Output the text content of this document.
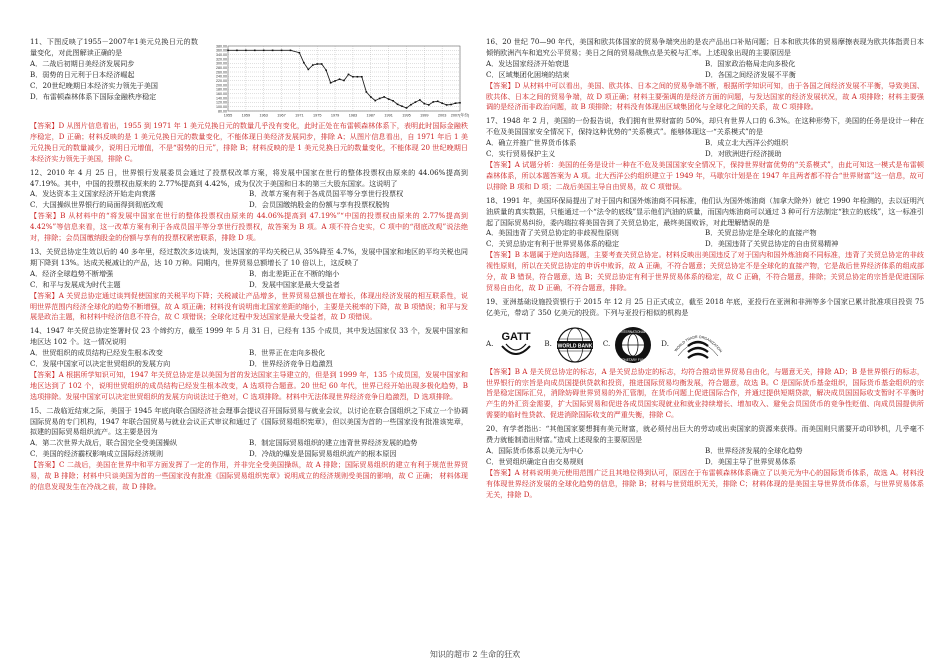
11、下图反映了1955－2007年1美元兑换日元的数量变化，对此图解读正确的是

A．二战后初期日美经济发展同步

B．弱势的日元利于日本经济崛起

C．20世纪晚期日本经济实力领先于美国

D．布雷顿森林体系下国际金融秩序稳定

380.00
360.00
340.00
320.00
300.00
280.00
260.00
240.00
220.00
200.00
180.00
160.00
140.00
120.00
100.00
80.00
1955 1959 1963 1967 1971 1975 1979 1983 1987 1991 1995 1999 2003 2007(年份)

【答案】D 从图片信息看出，1955 到 1971 年 1 美元兑换日元的数量几乎没有变化，此时正处在布雷顿森林体系下，表明此时国际金融秩序稳定，D 正确；材料反映的是 1 美元兑换日元的数量变化，不能体现日美经济发展同步，排除 A；从图片信息看出，自 1971 年后 1 美元兑换日元的数量减少，说明日元增值，不是“弱势的日元”，排除 B；材料反映的是 1 美元兑换日元的数量变化，不能体现 20 世纪晚期日本经济实力领先于美国，排除 C。

12、2010 年 4 月 25 日，世界银行发展委员会通过了投票权改革方案，将发展中国家在世行的整体投票权由原来的 44.06%提高到 47.19%。其中，中国的投票权由原来的 2.77%提高到 4.42%，成为仅次于美国和日本的第三大股东国家。这说明了

A．发达资本主义国家经济开始走向衰落	B．改革方案有利于各成员国平等分享世行投票权

C．大国操纵世界银行的局面得到彻底改观	D．会员国缴纳股金的份额与享有投票权脱钩

【答案】B 从材料中的“将发展中国家在世行的整体投票权由原来的 44.06%提高到 47.19%”“中国的投票权由原来的 2.77%提高到 4.42%”等信息来看，这一改革方案有利于各成员国平等分享世行投票权，故答案为 B 项。A 项不符合史实，C 项中的“彻底改观”说法绝对，排除；会员国缴纳股金的份额与享有的投票权紧密联系，排除 D 项。

13、关贸总协定生效以后的 40 多年里，经过数次多边谈判，发达国家的平均关税已从 35%降至 4.7%，发展中国家和地区的平均关税也同期下降到 13%。达成关税减让的产品，达 10 万种。同期内，世界贸易总额增长了 10 倍以上，这反映了

A．经济全球趋势不断增强	B．南北差距正在不断的缩小

C．和平与发展成为时代主题	D．发展中国家是最大受益者

【答案】A 关贸总协定通过谈判促使国家的关税平均下降；关税减让产品增多，世界贸易总额也在增长，体现出经济发展的相互联系性，说明世界范围内经济全球化的趋势不断增强，故 A 项正确；材料没有说明南北国家差距的缩小，主要是关税率的下降，故 B 项错误；和平与发展是政治主题，和材料中经济信息不符合，故 C 项错误；全球化过程中发达国家是最大受益者，故 D 项错误。

14、1947 年关贸总协定签署时仅 23 个缔约方，截至 1999 年 5 月 31 日，已经有 135 个成员，其中发达国家仅 33 个，发展中国家和地区达 102 个。这一情况说明

A．世贸组织的成员结构已经发生根本改变	B．世界正在走向多极化

C．发展中国家可以决定世贸组织的发展方向	D．世界经济竞争日趋激烈

【答案】A 根据所学知识可知，1947 年关贸总协定是以美国为首的发达国家主导建立的，但是到 1999 年，135 个成员国，发展中国家和地区达到了 102 个，说明世贸组织的成员结构已经发生根本改变，A 选项符合题意。20 世纪 60 年代，世界已经开始出现多极化趋势，B 选项排除。发展中国家可以决定世贸组织的发展方向说法过于绝对，C 选项排除。材料中无法体现世界经济竞争日趋激烈，D 选项排除。

15、二战临近结束之际，美国于 1945 年底向联合国经济社会理事会提议召开国际贸易与就业会议，以讨论在联合国组织之下成立一个协调国际贸易的专门机构，1947 年联合国贸易与就业会议正式审议和通过了《国际贸易组织宪章》，但以美国为首的一些国家没有批准该宪章，拟建的国际贸易组织流产。这主要是因为

A．第二次世界大战后，联合国完全受美国操纵	B．制定国际贸易组织的建立违背世界经济发展的趋势

C．美国的经济霸权影响成立国际经济规则	D．冷战的爆发是国际贸易组织流产的根本原因

【答案】C 二战后，美国在世界中和平方面发挥了一定的作用，并非完全受美国操纵，故 A 排除；国际贸易组织的建立有利于规范世界贸易，故 B 排除；材料中只谈美国为首的一些国家没有批准《国际贸易组织宪章》说明成立的经济规则受美国的影响，故 C 正确； 材料体现的信息发现发生在冷战之前，故 D 排除。

16、20 世纪 70—90 年代，美国和欧共体国家的贸易争端突出的是农产品出口补贴问题；日本和欧共体的贸易摩擦表现为欧共体指责日本倾销欧洲汽车和追究公平贸易；美日之间的贸易战焦点是关税与汇率。上述现象出现的主要原因是

A．发达国家经济开始衰退	B．国家政治格局走向多极化

C．区域集团化困境的结束	D．各国之间经济发展不平衡

【答案】D 从材料中可以看出，美国、欧共体、日本之间的贸易争端不断，根据所学知识可知，由于各国之间经济发展不平衡，导致美国、欧共体、日本之间的贸易争端，故 D 项正确；材料主要强调的是经济方面的问题，与发达国家的经济发展状况，故 A 项排除；材料主要强调的是经济而非政治问题，故 B 项排除；材料没有体现出区域集团化与全球化之间的关系，故 C 项排除。

17、1948 年 2 月，美国的一份报告说，我们拥有世界财富的 50%，却只有世界人口的 6.3%。在这种形势下，美国的任务是设计一种在不危及美国国家安全情况下，保持这种优势的“关系模式”。能够体现这一“关系模式”的是

A．确立并推广世界货币体系	B．成立北大西洋公约组织

C．实行贸易保护主义	D．对欧洲进行经济援助

【答案】A 试题分析：美国的任务是设计一种在不危及美国国家安全情况下，保持世界财富优势的“关系模式”，由此可知这一模式是布雷顿森林体系，所以本题答案为 A 项。北大西洋公约组织建立于 1949 年，马歇尔计划是在 1947 年且两者都不符合“世界财富”这一信息，故可以排除 B 项和 D 项；二战后美国主导自由贸易，故 C 项错误。

18、1991 年，美国环保局提出了对于国内和国外炼油商不同标准，他们认为国外炼油商（加拿大除外）就它 1990 年检测的，去以证明汽油质量的真实数据，只能通过一个“法令的底线”显示他们汽油的质量，而国内炼油商可以通过 3 种可行方法制定“独立的底线”，这一标准引起了国际贸易纠纷，委内瑞拉将美国告到了关贸总协定，最终美国败诉，对此理解错误的是

A．美国违背了关贸总协定的非歧视性原则	B．关贸总协定是全球化的直接产物

C．关贸总协定有利于世界贸易体系的稳定	D．美国违背了关贸总协定的自由贸易精神

【答案】B 本题属于逆向选择题，主要考查关贸总协定。材料反映出美国违反了对于国内和国外炼油商不同标准，违背了关贸总协定的非歧视性原则，所以在关贸总协定的申诉中败诉，故 A 正确，不符合题意；关贸总协定不是全球化的直接产物，它是战后世界经济体系的组成部分，故 B 错误，符合题意，选 B；关贸总协定有利于世界贸易体系的稳定，故 C 正确，不符合题意，排除；关贸总协定的宗旨是促进国际贸易自由化，故 D 正确，不符合题意，排除。

19、亚洲基础设施投资银行于 2015 年 12 月 25 日正式成立，截至 2018 年底，亚投行在亚洲和非洲等多个国家已累计批准项目投资 75 亿美元，带动了 350 亿美元的投资。下列与亚投行相似的机构是

A.
GATT
B. WORLD BANK C.
INTERNATIONAL
MONETARY FUND
D.
WORLD TRADE ORGANIZATION

【答案】B A 是关贸总协定的标志，A 是关贸总协定的标志，均符合推动世界贸易自由化，与题意无关，排除 AD；B 是世界银行的标志，世界银行的宗旨是向成员国提供贷款和投资，推进国际贸易均衡发展，符合题意，故选 B。C 是国际货币基金组织，国际货币基金组织的宗旨是稳定国际汇兑，消除妨碍世界贸易的外汇管制，在货币问题上促进国际合作，并通过提供短期贷款，解决成员国国际收支暂时不平衡时产生的外汇资金需要，扩大国际贸易和促进各成员国实现就业和就业持续增长、增加收入、避免会员国货币的竞争性贬值、向成员国提供所需要的临时性贷款、促进消除国际收支的严重失衡，排除 C。

20、有学者指出：“其他国家要想拥有美元财富，就必须付出巨大的劳动或出卖国家的资源来获得。而美国则只需要开动印钞机，几乎毫不费力就能制造出财富。”造成上述现象的主要原因是

A．国际货币体系以美元为中心	B．世界经济发展的全球化趋势

C．世贸组织确定自由交易规则	D．美国主导了世界贸易体系

【答案】A 材料说明美元使用范围广泛且其地位得到认可，原因在于布雷顿森林体系确立了以美元为中心的国际货币体系，故选 A。材料没有体现世界经济发展的全球化趋势的信息，排除 B；材料与世贸组织无关，排除 C；材料体现的是美国主导世界货币体系，与世界贸易体系无关，排除 D。

知识的超市 2 生命的狂欢
